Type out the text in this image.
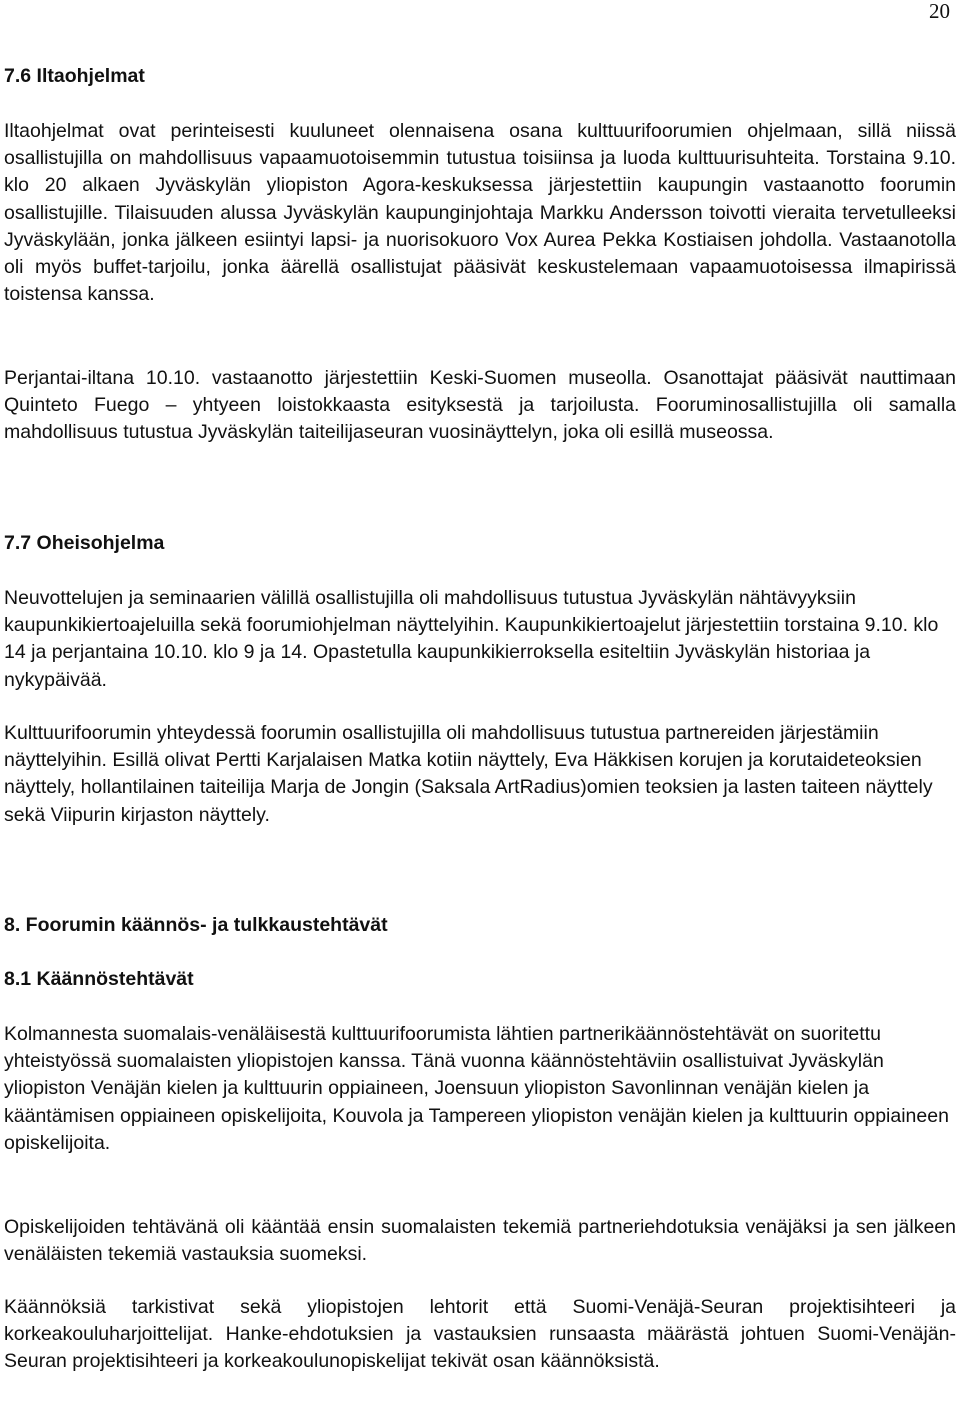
20
7.6 Iltaohjelmat

Iltaohjelmat ovat perinteisesti kuuluneet olennaisena osana kulttuurifoorumien ohjelmaan, sillä niissä osallistujilla on mahdollisuus vapaamuotoisemmin tutustua toisiinsa ja luoda kulttuurisuhteita. Torstaina 9.10. klo 20 alkaen Jyväskylän yliopiston Agora-keskuksessa järjestettiin kaupungin vastaanotto foorumin osallistujille. Tilaisuuden alussa Jyväskylän kaupunginjohtaja Markku Andersson toivotti vieraita tervetulleeksi Jyväskylään, jonka jälkeen esiintyi lapsi- ja nuorisokuoro Vox Aurea Pekka Kostiaisen johdolla. Vastaanotolla oli myös buffet-tarjoilu, jonka äärellä osallistujat pääsivät keskustelemaan vapaamuotoisessa ilmapirissä toistensa kanssa.

Perjantai-iltana 10.10. vastaanotto järjestettiin Keski-Suomen museolla. Osanottajat pääsivät nauttimaan Quinteto Fuego – yhtyeen loistokkaasta esityksestä ja tarjoilusta. Fooruminosallistujilla oli samalla mahdollisuus tutustua Jyväskylän taiteilijaseuran vuosinäyttelyn, joka oli esillä museossa.

7.7 Oheisohjelma

Neuvottelujen ja seminaarien välillä osallistujilla oli mahdollisuus tutustua Jyväskylän nähtävyyksiin kaupunkikiertoajeluilla sekä foorumiohjelman näyttelyihin. Kaupunkikiertoajelut järjestettiin torstaina 9.10. klo 14 ja perjantaina 10.10. klo 9 ja 14. Opastetulla kaupunkikierroksella esiteltiin Jyväskylän historiaa ja nykypäivää.

Kulttuurifoorumin yhteydessä foorumin osallistujilla oli mahdollisuus tutustua partnereiden järjestämiin näyttelyihin. Esillä olivat Pertti Karjalaisen Matka kotiin näyttely, Eva Häkkisen korujen ja korutaideteoksien näyttely, hollantilainen taiteilija Marja de Jongin (Saksala ArtRadius)omien teoksien ja lasten taiteen näyttely sekä Viipurin kirjaston näyttely.

8. Foorumin käännös- ja tulkkaustehtävät
8.1 Käännöstehtävät

Kolmannesta suomalais-venäläisestä kulttuurifoorumista lähtien partnerikäännöstehtävät on suoritettu yhteistyössä suomalaisten yliopistojen kanssa. Tänä vuonna käännöstehtäviin osallistuivat Jyväskylän yliopiston Venäjän kielen ja kulttuurin oppiaineen, Joensuun yliopiston Savonlinnan venäjän kielen ja kääntämisen oppiaineen opiskelijoita, Kouvola ja Tampereen yliopiston venäjän kielen ja kulttuurin oppiaineen opiskelijoita.

Opiskelijoiden tehtävänä oli kääntää ensin suomalaisten tekemiä partneriehdotuksia venäjäksi ja sen jälkeen venäläisten tekemiä vastauksia suomeksi.

Käännöksiä tarkistivat sekä yliopistojen lehtorit että Suomi-Venäjä-Seuran projektisihteeri ja korkeakouluharjoittelijat. Hanke-ehdotuksien ja vastauksien runsaasta määrästä johtuen Suomi-Venäjän-Seuran projektisihteeri ja korkeakoulunopiskelijat tekivät osan käännöksistä.
